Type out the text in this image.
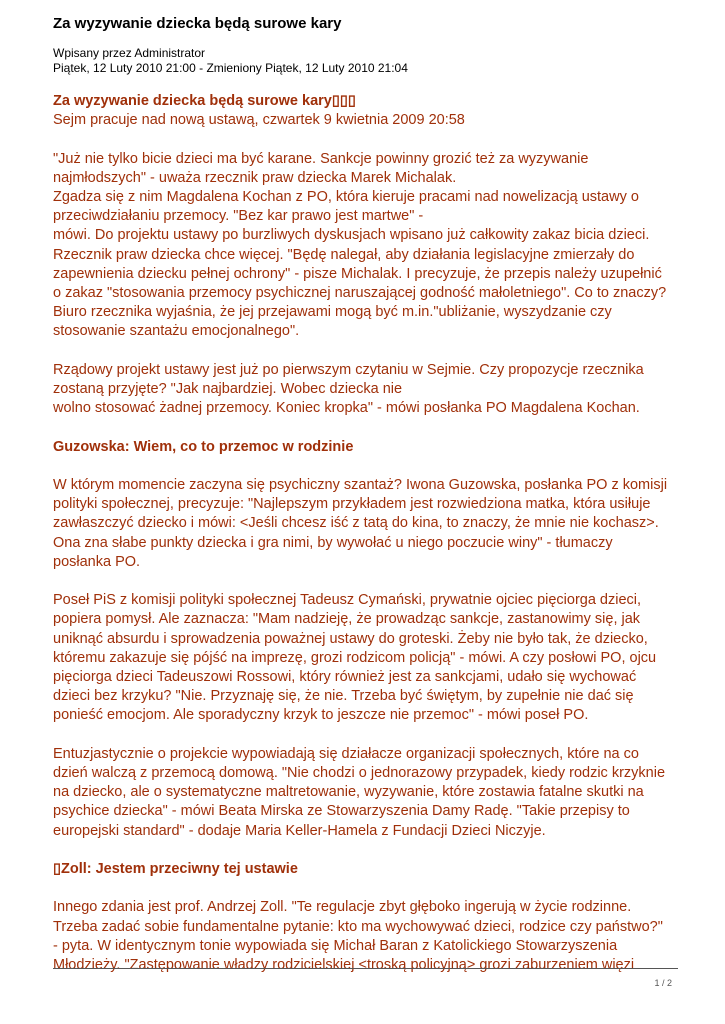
Za wyzywanie dziecka będą surowe kary
Wpisany przez Administrator
Piątek, 12 Luty 2010 21:00 - Zmieniony Piątek, 12 Luty 2010 21:04

Za wyzywanie dziecka będą surowe kary▯▯▯

Sejm pracuje nad nową ustawą, czwartek 9 kwietnia 2009 20:58

"Już nie tylko bicie dzieci ma być karane. Sankcje powinny grozić też za wyzywanie
najmłodszych" - uważa rzecznik praw dziecka Marek Michalak.
Zgadza się z nim Magdalena Kochan z PO, która kieruje pracami nad nowelizacją ustawy o
przeciwdziałaniu przemocy. "Bez kar prawo jest martwe" -
mówi. Do projektu ustawy po burzliwych dyskusjach wpisano już całkowity zakaz bicia dzieci.
Rzecznik praw dziecka chce więcej. "Będę nalegał, aby działania legislacyjne zmierzały do
zapewnienia dziecku pełnej ochrony" - pisze Michalak. I precyzuje, że przepis należy uzupełnić
o zakaz "stosowania przemocy psychicznej naruszającej godność małoletniego". Co to znaczy?
Biuro rzecznika wyjaśnia, że jej przejawami mogą być m.in."ubliżanie, wyszydzanie czy
stosowanie szantażu emocjonalnego".

Rządowy projekt ustawy jest już po pierwszym czytaniu w Sejmie. Czy propozycje rzecznika
zostaną przyjęte? "Jak najbardziej. Wobec dziecka nie
wolno stosować żadnej przemocy. Koniec kropka" - mówi posłanka PO Magdalena Kochan.

Guzowska: Wiem, co to przemoc w rodzinie

W którym momencie zaczyna się psychiczny szantaż? Iwona Guzowska, posłanka PO z komisji
polityki społecznej, precyzuje: "Najlepszym przykładem jest rozwiedziona matka, która usiłuje
zawłaszczyć dziecko i mówi: <Jeśli chcesz iść z tatą do kina, to znaczy, że mnie nie kochasz>.
Ona zna słabe punkty dziecka i gra nimi, by wywołać u niego poczucie winy" - tłumaczy
posłanka PO.

Poseł PiS z komisji polityki społecznej Tadeusz Cymański, prywatnie ojciec pięciorga dzieci,
popiera pomysł. Ale zaznacza: "Mam nadzieję, że prowadząc sankcje, zastanowimy się, jak
uniknąć absurdu i sprowadzenia poważnej ustawy do groteski. Żeby nie było tak, że dziecko,
któremu zakazuje się pójść na imprezę, grozi rodzicom policją" - mówi. A czy posłowi PO, ojcu
pięciorga dzieci Tadeuszowi Rossowi, który również jest za sankcjami, udało się wychować
dzieci bez krzyku? "Nie. Przyznaję się, że nie. Trzeba być świętym, by zupełnie nie dać się
ponieść emocjom. Ale sporadyczny krzyk to jeszcze nie przemoc" - mówi poseł PO.

Entuzjastycznie o projekcie wypowiadają się działacze organizacji społecznych, które na co
dzień walczą z przemocą domową. "Nie chodzi o jednorazowy przypadek, kiedy rodzic krzyknie
na dziecko, ale o systematyczne maltretowanie, wyzywanie, które zostawia fatalne skutki na
psychice dziecka" - mówi Beata Mirska ze Stowarzyszenia Damy Radę. "Takie przepisy to
europejski standard" - dodaje Maria Keller-Hamela z Fundacji Dzieci Niczyje.

▯Zoll: Jestem przeciwny tej ustawie

Innego zdania jest prof. Andrzej Zoll. "Te regulacje zbyt głęboko ingerują w życie rodzinne.
Trzeba zadać sobie fundamentalne pytanie: kto ma wychowywać dzieci, rodzice czy państwo?"
- pyta. W identycznym tonie wypowiada się Michał Baran z Katolickiego Stowarzyszenia
Młodzieży. "Zastępowanie władzy rodzicielskiej <troską policyjną> grozi zaburzeniem więzi

1 / 2
